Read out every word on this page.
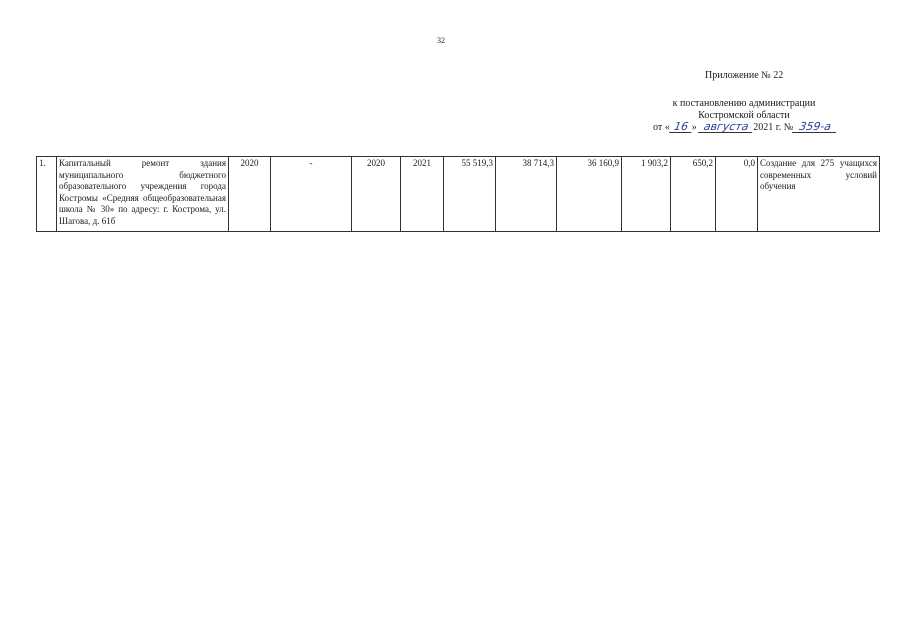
32
Приложение № 22
к постановлению администрации
Костромской области
от « 16 » августа 2021 г. № 359-а
1.	Капитальный ремонт здания муниципального бюджетного образовательного учреждения города Костромы «Средняя общеобразовательная школа № 30» по адресу: г. Кострома, ул. Шагова, д. 61б	2020	-	2020	2021	55 519,3	38 714,3	36 160,9	1 903,2	650,2	0,0	Создание для 275 учащихся современных условий обучения
